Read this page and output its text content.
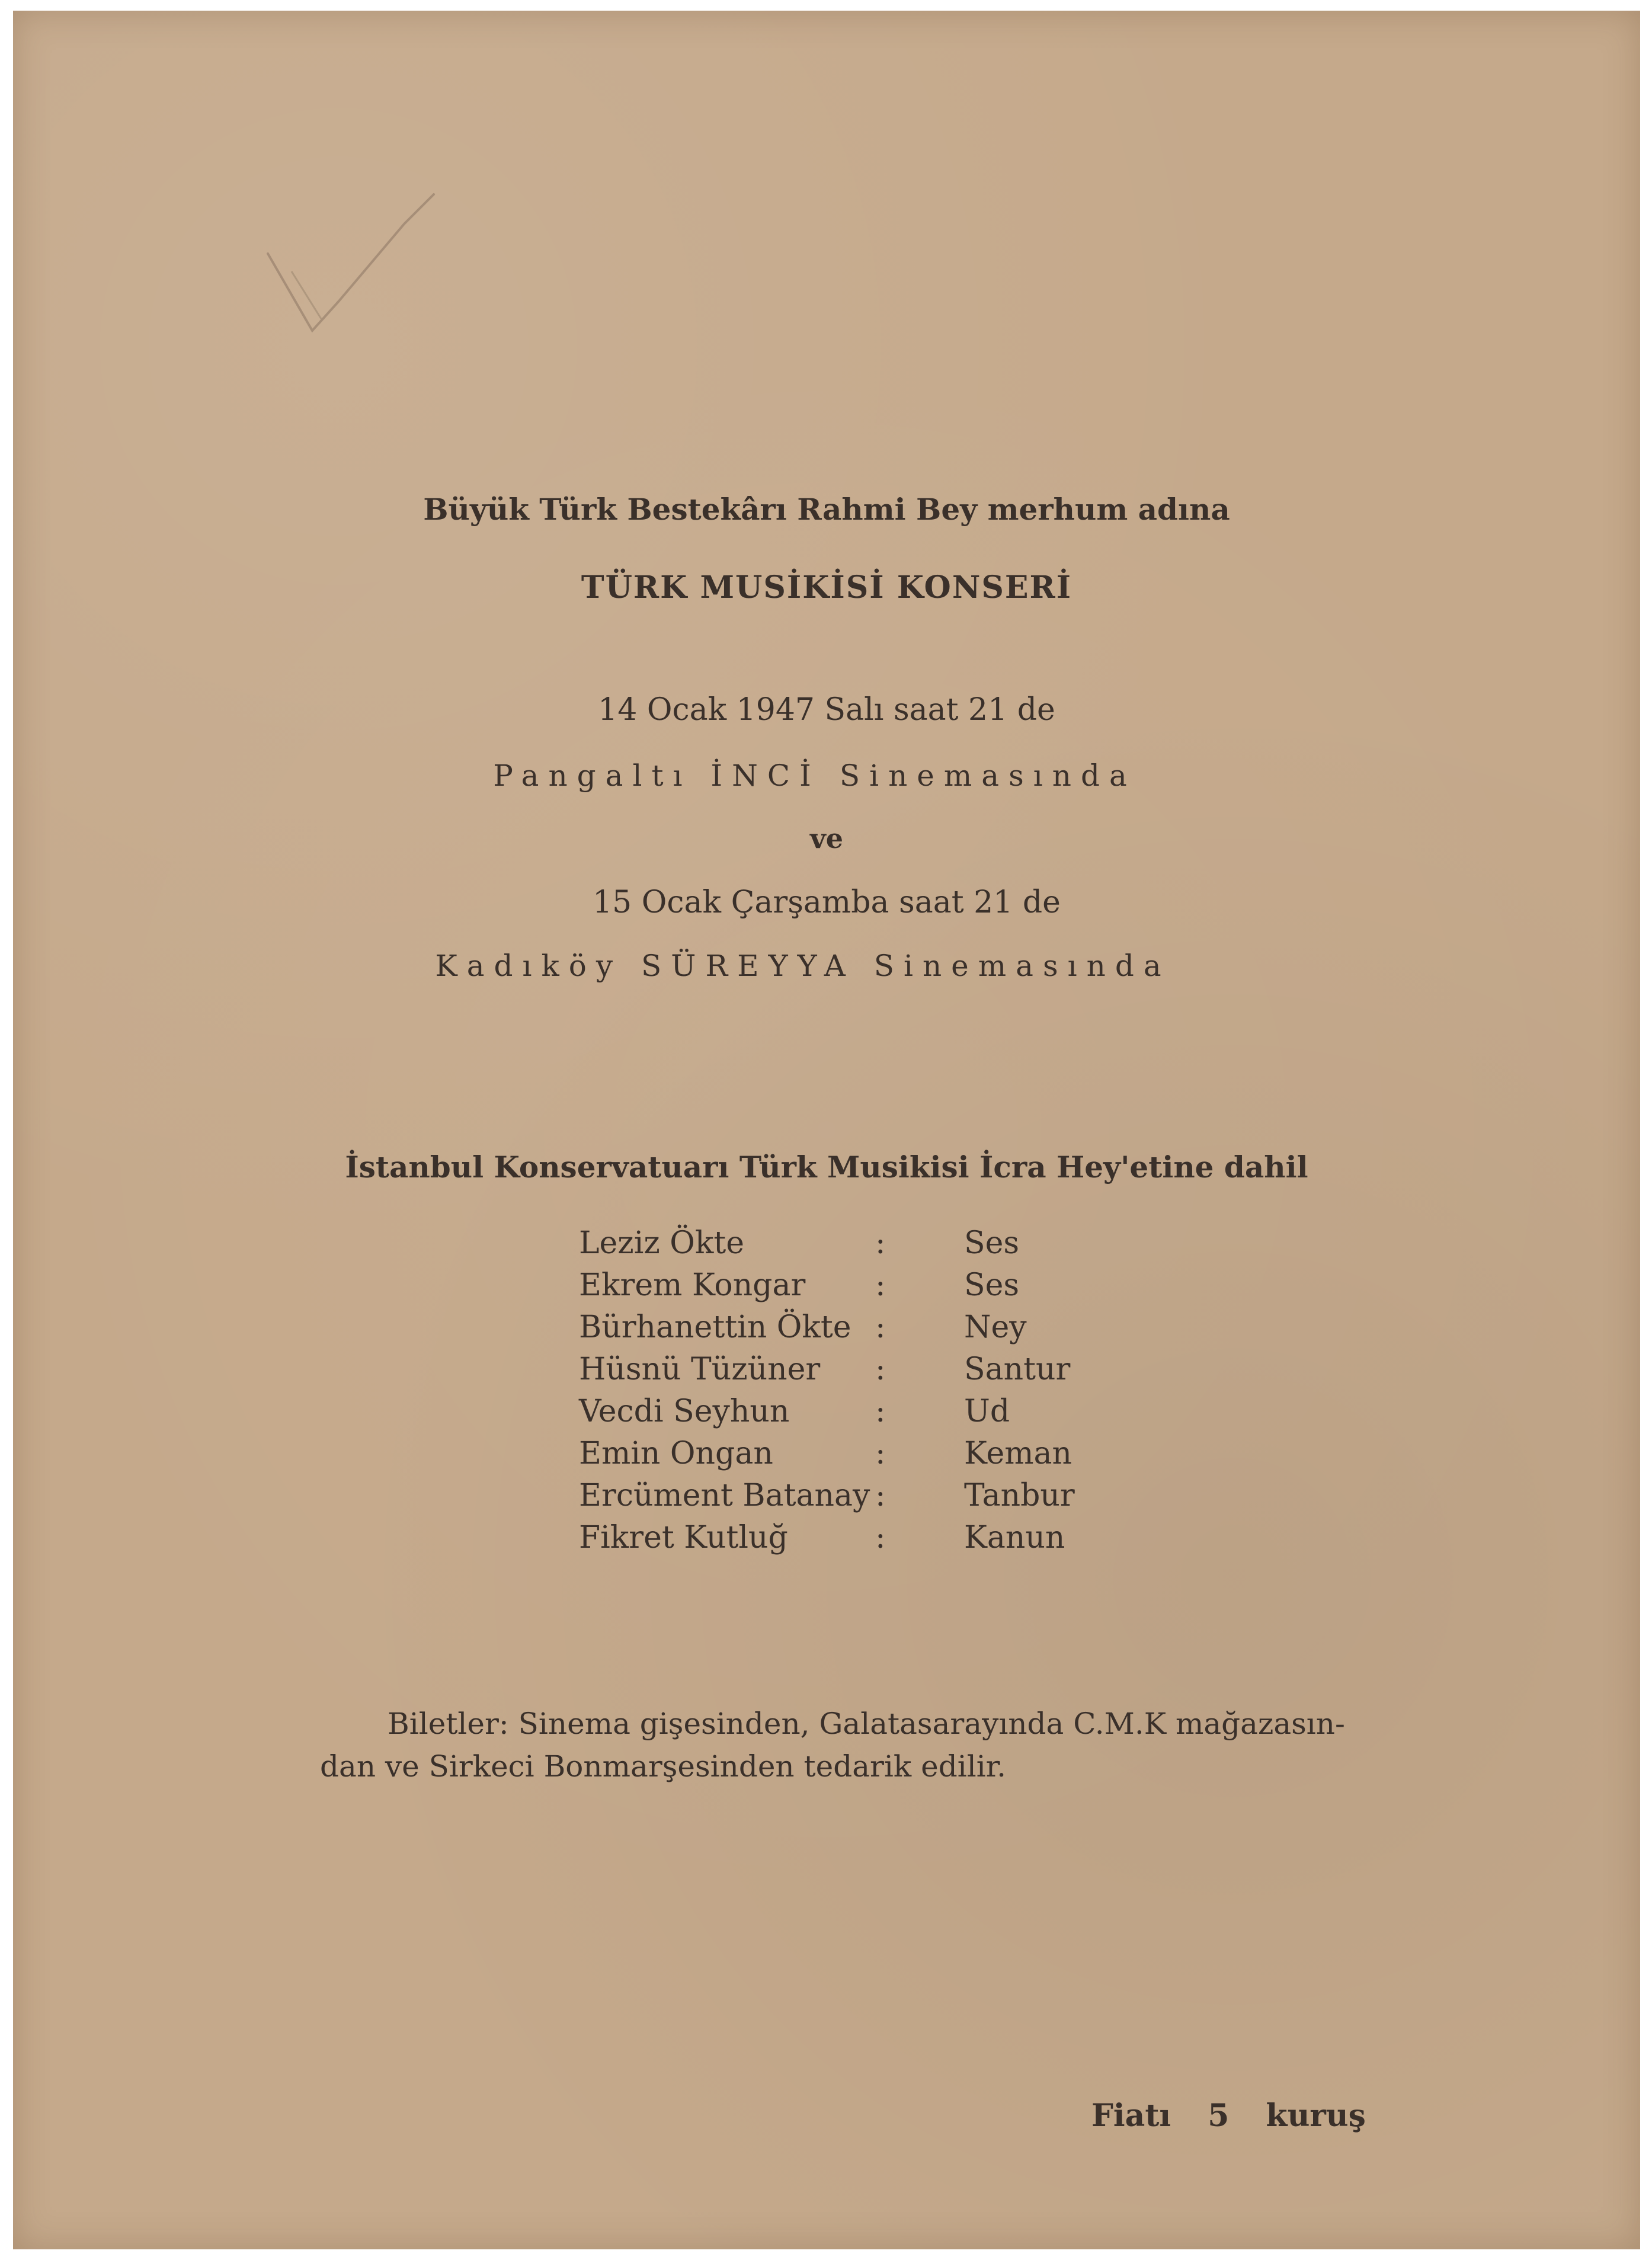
Büyük Türk Bestekârı Rahmi Bey merhum adına

TÜRK MUSİKİSİ KONSERİ

14 Ocak 1947 Salı saat 21 de

Pangaltı İNCİ Sinemasında

ve

15 Ocak Çarşamba saat 21 de

Kadıköy SÜREYYA Sinemasında

İstanbul Konservatuarı Türk Musikisi İcra Hey'etine dahil

Leziz Ökte	:	Ses
Ekrem Kongar :	Ses
Bürhanettin Ökte :	Ney
Hüsnü Tüzüner :	Santur
Vecdi Seyhun	:	Ud
Emin Ongan	:	Keman
Ercüment Batanay :	Tanbur
Fikret Kutluğ	:	Kanun

Biletler: Sinema gişesinden, Galatasarayında C.M.K mağazasın-

dan ve Sirkeci Bonmarşesinden tedarik edilir.

Fiatı 5 kuruş
